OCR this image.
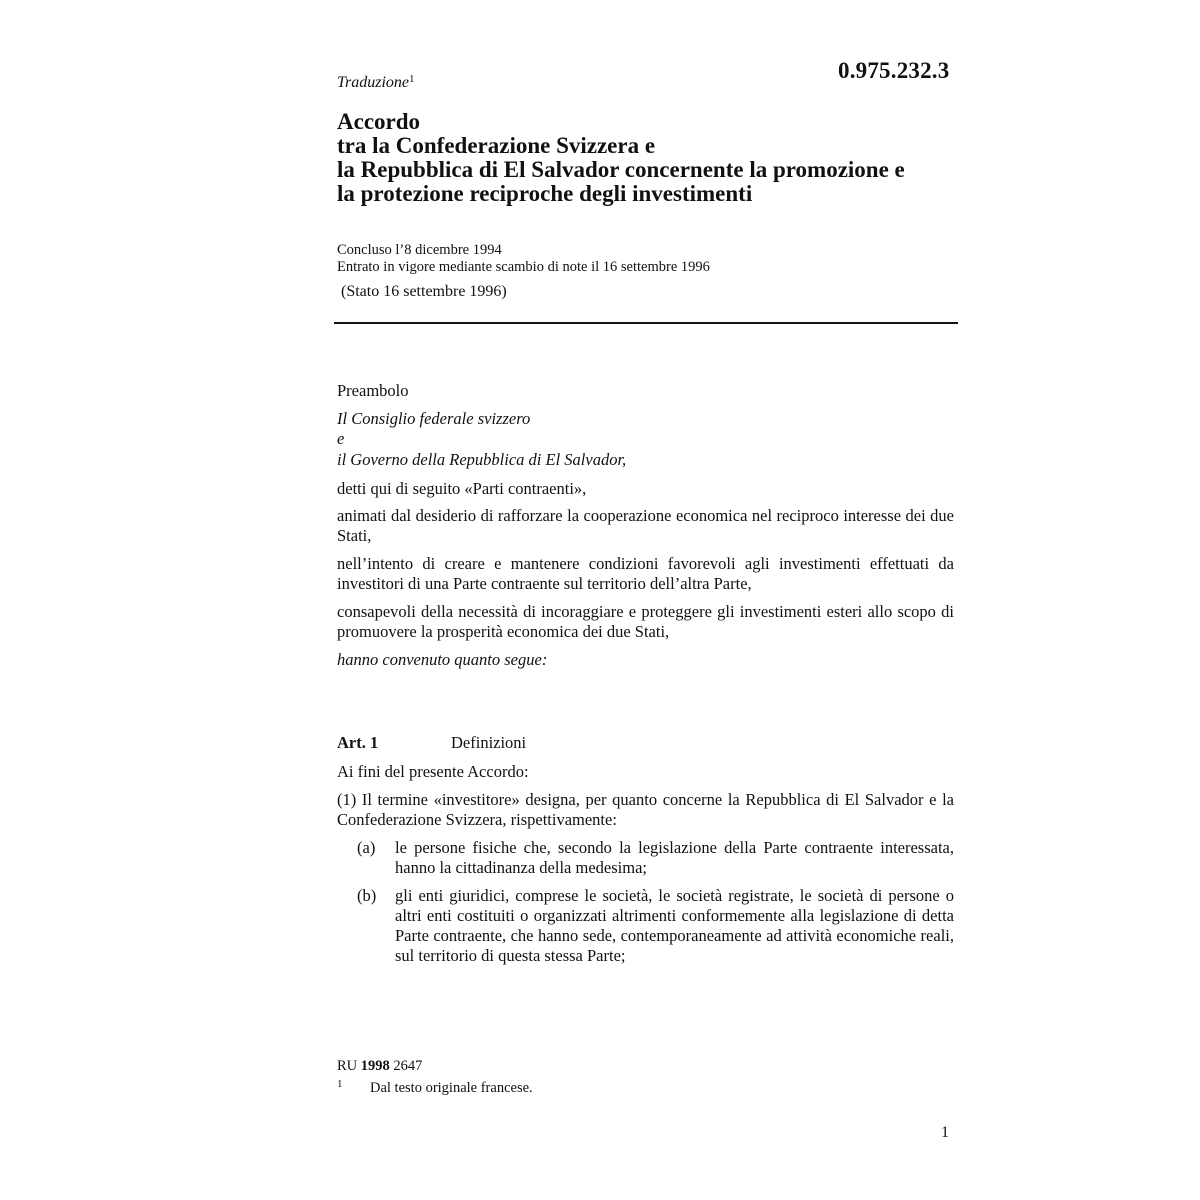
0.975.232.3
Traduzione$^1$
Accordo
tra la Confederazione Svizzera e
la Repubblica di El Salvador concernente la promozione e
la protezione reciproche degli investimenti
Concluso l’8 dicembre 1994
Entrato in vigore mediante scambio di note il 16 settembre 1996
(Stato 16 settembre 1996)
Preambolo
Il Consiglio federale svizzero
e
il Governo della Repubblica di El Salvador,
detti qui di seguito «Parti contraenti»,
animati dal desiderio di rafforzare la cooperazione economica nel reciproco interesse dei due Stati,
nell’intento di creare e mantenere condizioni favorevoli agli investimenti effettuati da investitori di una Parte contraente sul territorio dell’altra Parte,
consapevoli della necessità di incoraggiare e proteggere gli investimenti esteri allo scopo di promuovere la prosperità economica dei due Stati,
hanno convenuto quanto segue:
Art. 1	Definizioni
Ai fini del presente Accordo:
(1) Il termine «investitore» designa, per quanto concerne la Repubblica di El Salvador e la Confederazione Svizzera, rispettivamente:
(a) le persone fisiche che, secondo la legislazione della Parte contraente interessata, hanno la cittadinanza della medesima;
(b) gli enti giuridici, comprese le società, le società registrate, le società di persone o altri enti costituiti o organizzati altrimenti conformemente alla legislazione di detta Parte contraente, che hanno sede, contemporaneamente ad attività economiche reali, sul territorio di questa stessa Parte;
RU 1998 2647
1 Dal testo originale francese.
1
